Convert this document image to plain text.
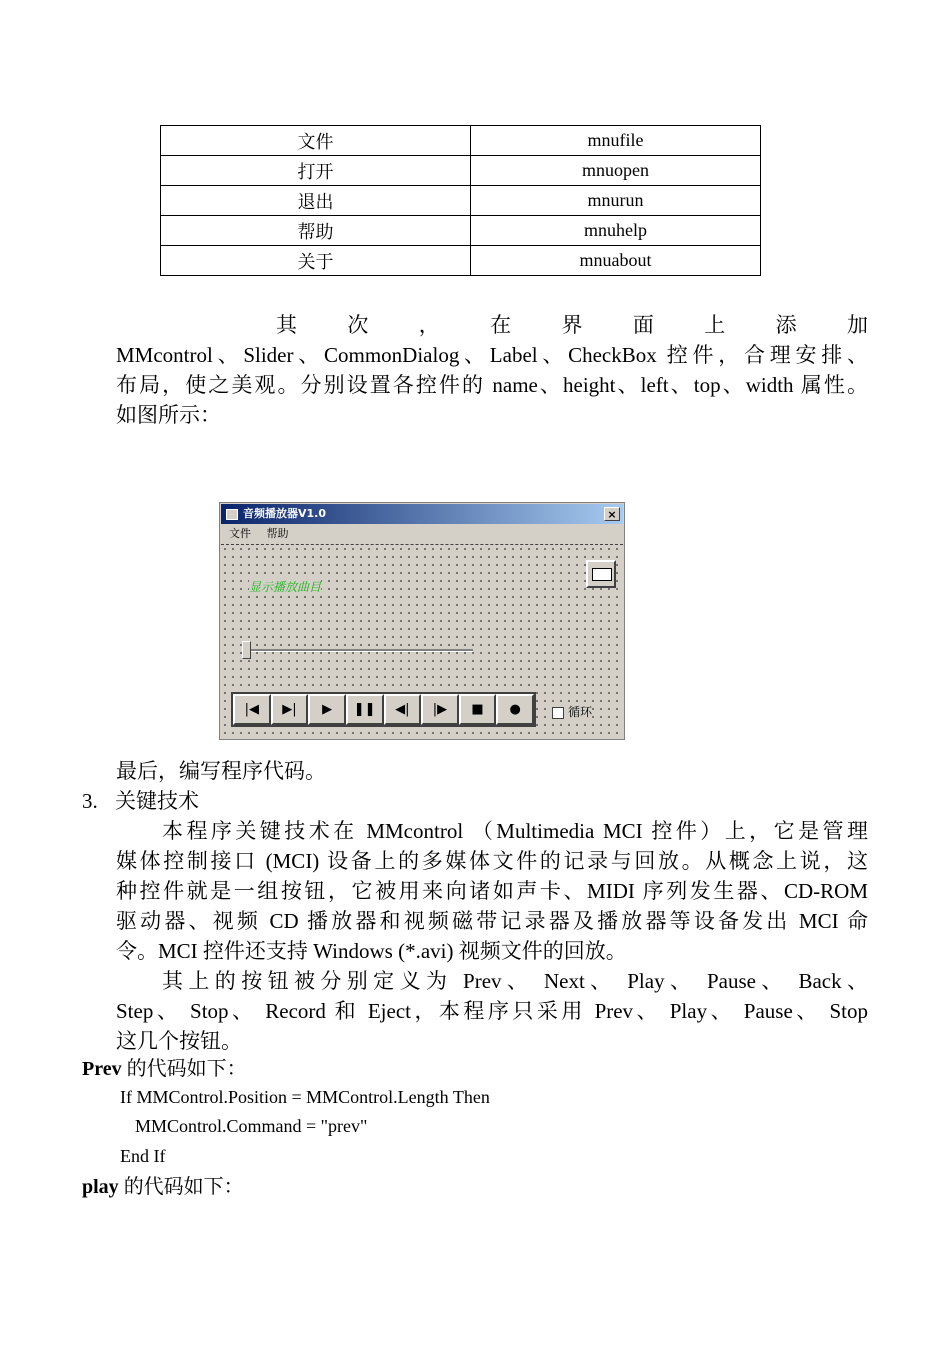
文件	mnufile
打开	mnuopen
退出	mnurun
帮助	mnuhelp
关于	mnuabout
其 次 ， 在 界 面 上 添 加
MMcontrol、Slider、CommonDialog、Label、CheckBox 控件，合理安排、
布局，使之美观。分别设置各控件的 name、height、left、top、width 属性。
如图所示：
音频播放器V1.0	×
文件 帮助
显示播放曲目
|◀	▶|	▶	❚❚	◀|	|▶	■	●	循环
最后，编写程序代码。
3. 关键技术
本程序关键技术在 MMcontrol （Multimedia MCI 控件）上，它是管理
媒体控制接口 (MCI) 设备上的多媒体文件的记录与回放。从概念上说，这
种控件就是一组按钮，它被用来向诸如声卡、MIDI 序列发生器、CD-ROM
驱动器、视频 CD 播放器和视频磁带记录器及播放器等设备发出 MCI 命
令。MCI 控件还支持 Windows (*.avi) 视频文件的回放。
其上的按钮被分别定义为 Prev、 Next、 Play、 Pause、 Back、
Step、 Stop、 Record 和 Eject，本程序只采用 Prev、 Play、 Pause、 Stop
这几个按钮。
Prev 的代码如下：
If MMControl.Position = MMControl.Length Then
MMControl.Command = "prev"
End If
play 的代码如下：
